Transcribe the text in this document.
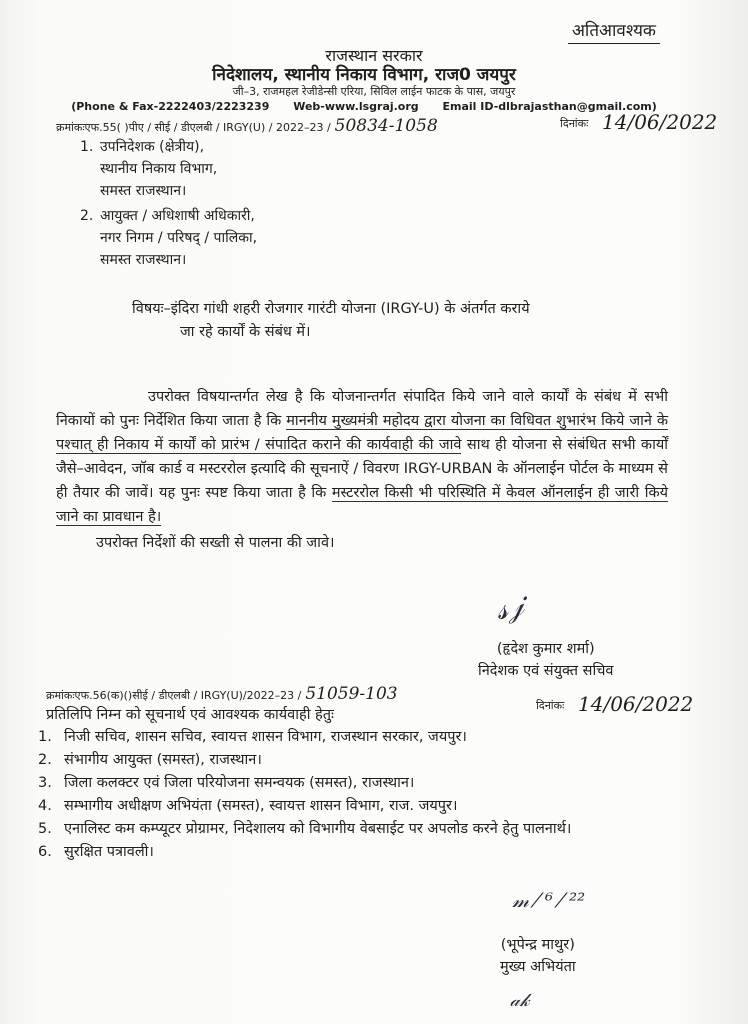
अतिआवश्यक
राजस्थान सरकार
निदेशालय, स्थानीय निकाय विभाग, राज0 जयपुर
जी–3, राजमहल रेजीडेन्सी एरिया, सिविल लाईन फाटक के पास, जयपुर
(Phone & Fax-2222403/2223239 Web-www.lsgraj.org Email ID-dlbrajasthan@gmail.com)
क्रमांकःएफ.55( )पीए / सीई / डीएलबी / IRGY(U) / 2022–23 / 50834-1058	दिनांकः 14/06/2022
1. उपनिदेशक (क्षेत्रीय),
स्थानीय निकाय विभाग,
समस्त राजस्थान।
2. आयुक्त / अधिशाषी अधिकारी,
नगर निगम / परिषद् / पालिका,
समस्त राजस्थान।
विषयः–इंदिरा गांधी शहरी रोजगार गारंटी योजना (IRGY-U) के अंतर्गत कराये
जा रहे कार्यों के संबंध में।

उपरोक्त विषयान्तर्गत लेख है कि योजनान्तर्गत संपादित किये जाने वाले कार्यों के संबंध में सभी निकायों को पुनः निर्देशित किया जाता है कि माननीय मुख्यमंत्री महोदय द्वारा योजना का विधिवत शुभारंभ किये जाने के पश्चात् ही निकाय में कार्यों को प्रारंभ / संपादित कराने की कार्यवाही की जावे साथ ही योजना से संबंधित सभी कार्यों जैसे–आवेदन, जॉब कार्ड व मस्टररोल इत्यादि की सूचनाऐं / विवरण IRGY-URBAN के ऑनलाईन पोर्टल के माध्यम से ही तैयार की जावें। यह पुनः स्पष्ट किया जाता है कि मस्टररोल किसी भी परिस्थिति में केवल ऑनलाईन ही जारी किये जाने का प्रावधान है।

उपरोक्त निर्देशों की सख्ती से पालना की जावे।

𝓈𝒿
(हृदेश कुमार शर्मा)
निदेशक एवं संयुक्त सचिव
क्रमांकःएफ.56(क)()सीई / डीएलबी / IRGY(U)/2022–23 / 51059-103
दिनांकः 14/06/2022
प्रतिलिपि निम्न को सूचनार्थ एवं आवश्यक कार्यवाही हेतुः
1. निजी सचिव, शासन सचिव, स्वायत्त शासन विभाग, राजस्थान सरकार, जयपुर।
2. संभागीय आयुक्त (समस्त), राजस्थान।
3. जिला कलक्टर एवं जिला परियोजना समन्वयक (समस्त), राजस्थान।
4. सम्भागीय अधीक्षण अभियंता (समस्त), स्वायत्त शासन विभाग, राज. जयपुर।
5. एनालिस्ट कम कम्प्यूटर प्रोग्रामर, निदेशालय को विभागीय वेबसाईट पर अपलोड करने हेतु पालनार्थ।
6. सुरक्षित पत्रावली।
𝓂 ⁄ ⁶ ⁄ ²²
(भूपेन्द्र माथुर)
मुख्य अभियंता
𝒶𝓀
